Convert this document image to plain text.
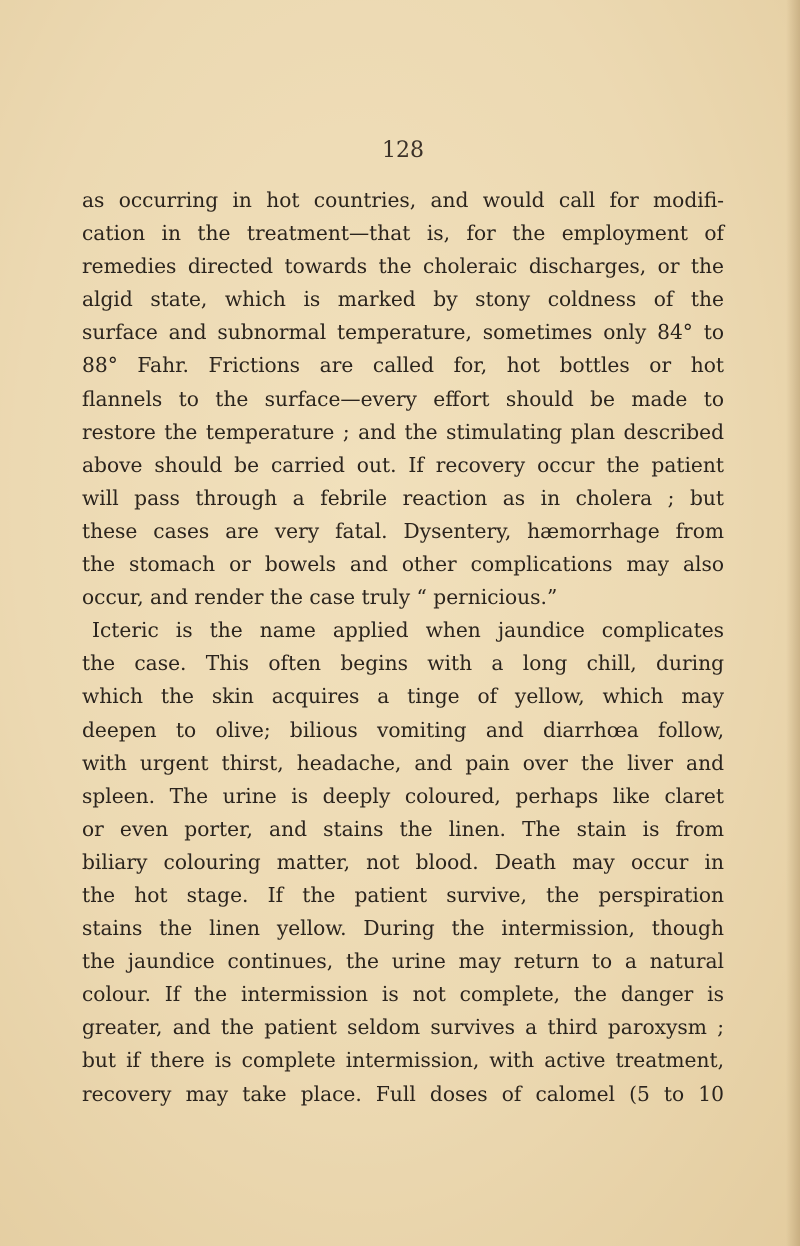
128

as occurring in hot countries, and would call for modifi-

cation in the treatment—that is, for the employment of

remedies directed towards the choleraic discharges, or the

algid state, which is marked by stony coldness of the

surface and subnormal temperature, sometimes only 84° to

88° Fahr. Frictions are called for, hot bottles or hot

flannels to the surface—every effort should be made to

restore the temperature ; and the stimulating plan described

above should be carried out. If recovery occur the patient

will pass through a febrile reaction as in cholera ; but

these cases are very fatal. Dysentery, hæmorrhage from

the stomach or bowels and other complications may also

occur, and render the case truly “ pernicious.”

Icteric is the name applied when jaundice complicates

the case. This often begins with a long chill, during

which the skin acquires a tinge of yellow, which may

deepen to olive; bilious vomiting and diarrhœa follow,

with urgent thirst, headache, and pain over the liver and

spleen. The urine is deeply coloured, perhaps like claret

or even porter, and stains the linen. The stain is from

biliary colouring matter, not blood. Death may occur in

the hot stage. If the patient survive, the perspiration

stains the linen yellow. During the intermission, though

the jaundice continues, the urine may return to a natural

colour. If the intermission is not complete, the danger is

greater, and the patient seldom survives a third paroxysm ;

but if there is complete intermission, with active treatment,

recovery may take place. Full doses of calomel (5 to 10
